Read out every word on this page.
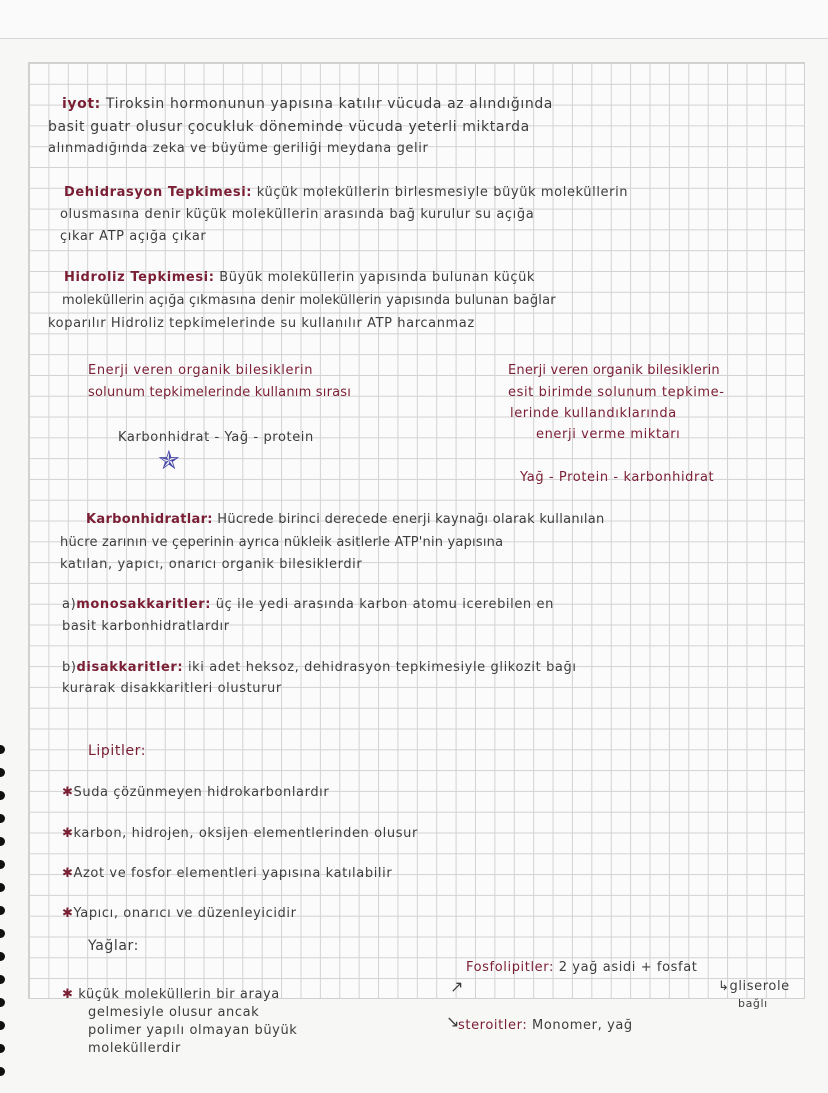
iyot: Tiroksin hormonunun yapısına katılır vücuda az alındığında
basit guatr olusur çocukluk döneminde vücuda yeterli miktarda
alınmadığında zeka ve büyüme geriliği meydana gelir
Dehidrasyon Tepkimesi: küçük moleküllerin birlesmesiyle büyük moleküllerin
olusmasına denir küçük moleküllerin arasında bağ kurulur su açığa
çıkar ATP açığa çıkar
Hidroliz Tepkimesi: Büyük moleküllerin yapısında bulunan küçük
moleküllerin açığa çıkmasına denir moleküllerin yapısında bulunan bağlar
koparılır Hidroliz tepkimelerinde su kullanılır ATP harcanmaz
Enerji veren organik bilesiklerin
solunum tepkimelerinde kullanım sırası
Karbonhidrat - Yağ - protein
✯
Enerji veren organik bilesiklerin
esit birimde solunum tepkime-
lerinde kullandıklarında
enerji verme miktarı
Yağ - Protein - karbonhidrat
Karbonhidratlar: Hücrede birinci derecede enerji kaynağı olarak kullanılan
hücre zarının ve çeperinin ayrıca nükleik asitlerle ATP'nin yapısına
katılan, yapıcı, onarıcı organik bilesiklerdir
a)monosakkaritler: üç ile yedi arasında karbon atomu icerebilen en
basit karbonhidratlardır
b)disakkaritler: iki adet heksoz, dehidrasyon tepkimesiyle glikozit bağı
kurarak disakkaritleri olusturur
Lipitler:
✱Suda çözünmeyen hidrokarbonlardır
✱karbon, hidrojen, oksijen elementlerinden olusur
✱Azot ve fosfor elementleri yapısına katılabilir
✱Yapıcı, onarıcı ve düzenleyicidir
Yağlar:
✱ küçük moleküllerin bir araya
gelmesiyle olusur ancak
polimer yapılı olmayan büyük
moleküllerdir
↗
↘
Fosfolipitler: 2 yağ asidi + fosfat
↳gliserole
bağlı
steroitler: Monomer, yağ
